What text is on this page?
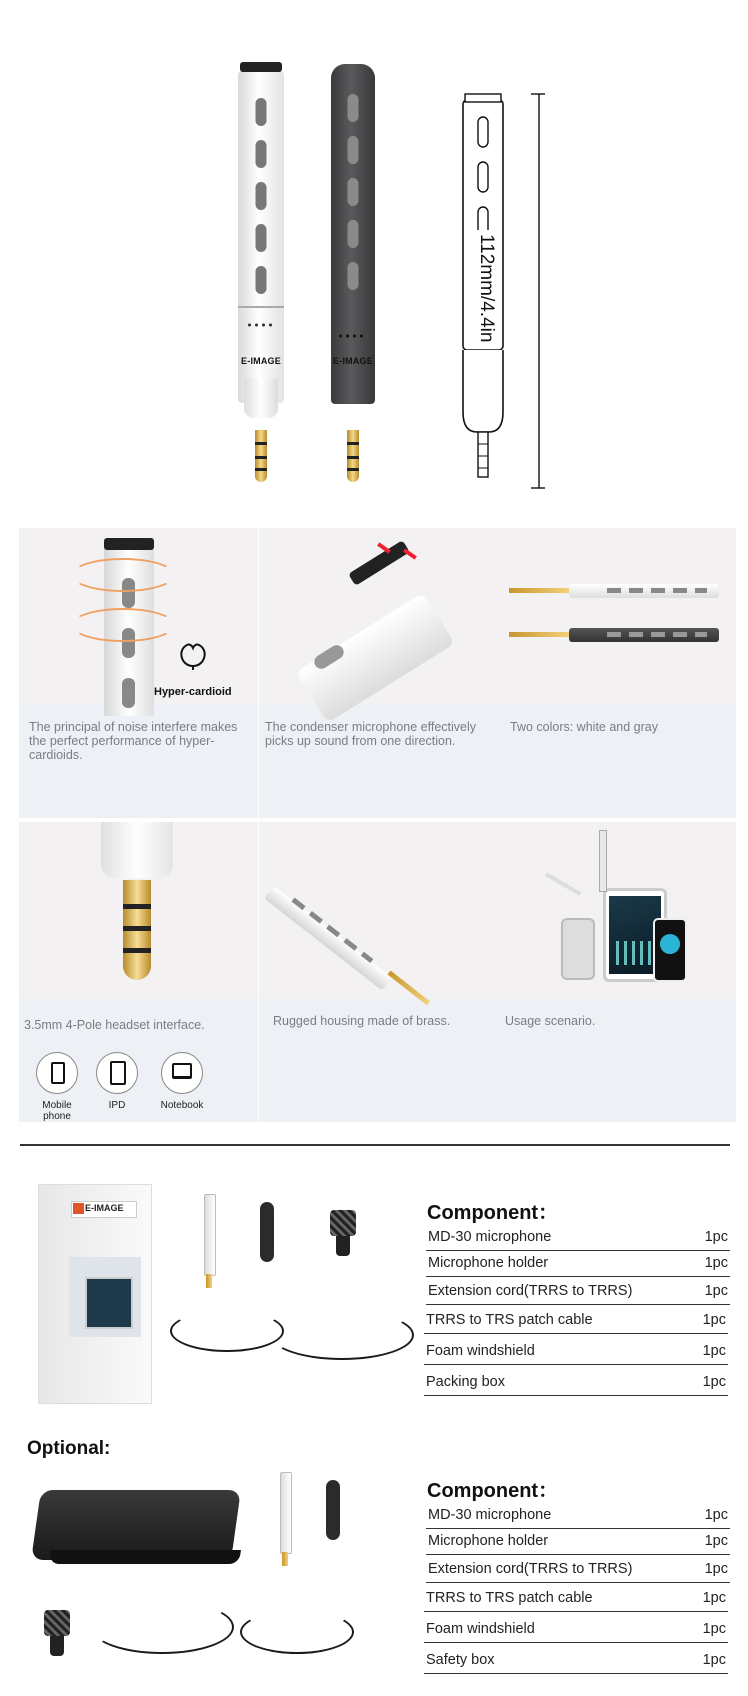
E-IMAGE	E-IMAGE
112mm/4.4in
Hyper-cardioid
The principal of noise interfere makes the perfect performance of hyper-cardioids.
The condenser microphone effectively picks up sound from one direction.
Two colors: white and gray
3.5mm 4-Pole headset interface.
Mobile phone
IPD	Notebook
Rugged housing made of brass.	Usage scenario.
E-IMAGE	Component：
MD-30 microphone	1pc
Microphone holder	1pc
Extension cord(TRRS to TRRS)	1pc
TRRS to TRS patch cable	1pc
Foam windshield	1pc
Packing box	1pc
Optional:
Component：
MD-30 microphone	1pc
Microphone holder	1pc
Extension cord(TRRS to TRRS)	1pc
TRRS to TRS patch cable	1pc
Foam windshield	1pc
Safety box	1pc
